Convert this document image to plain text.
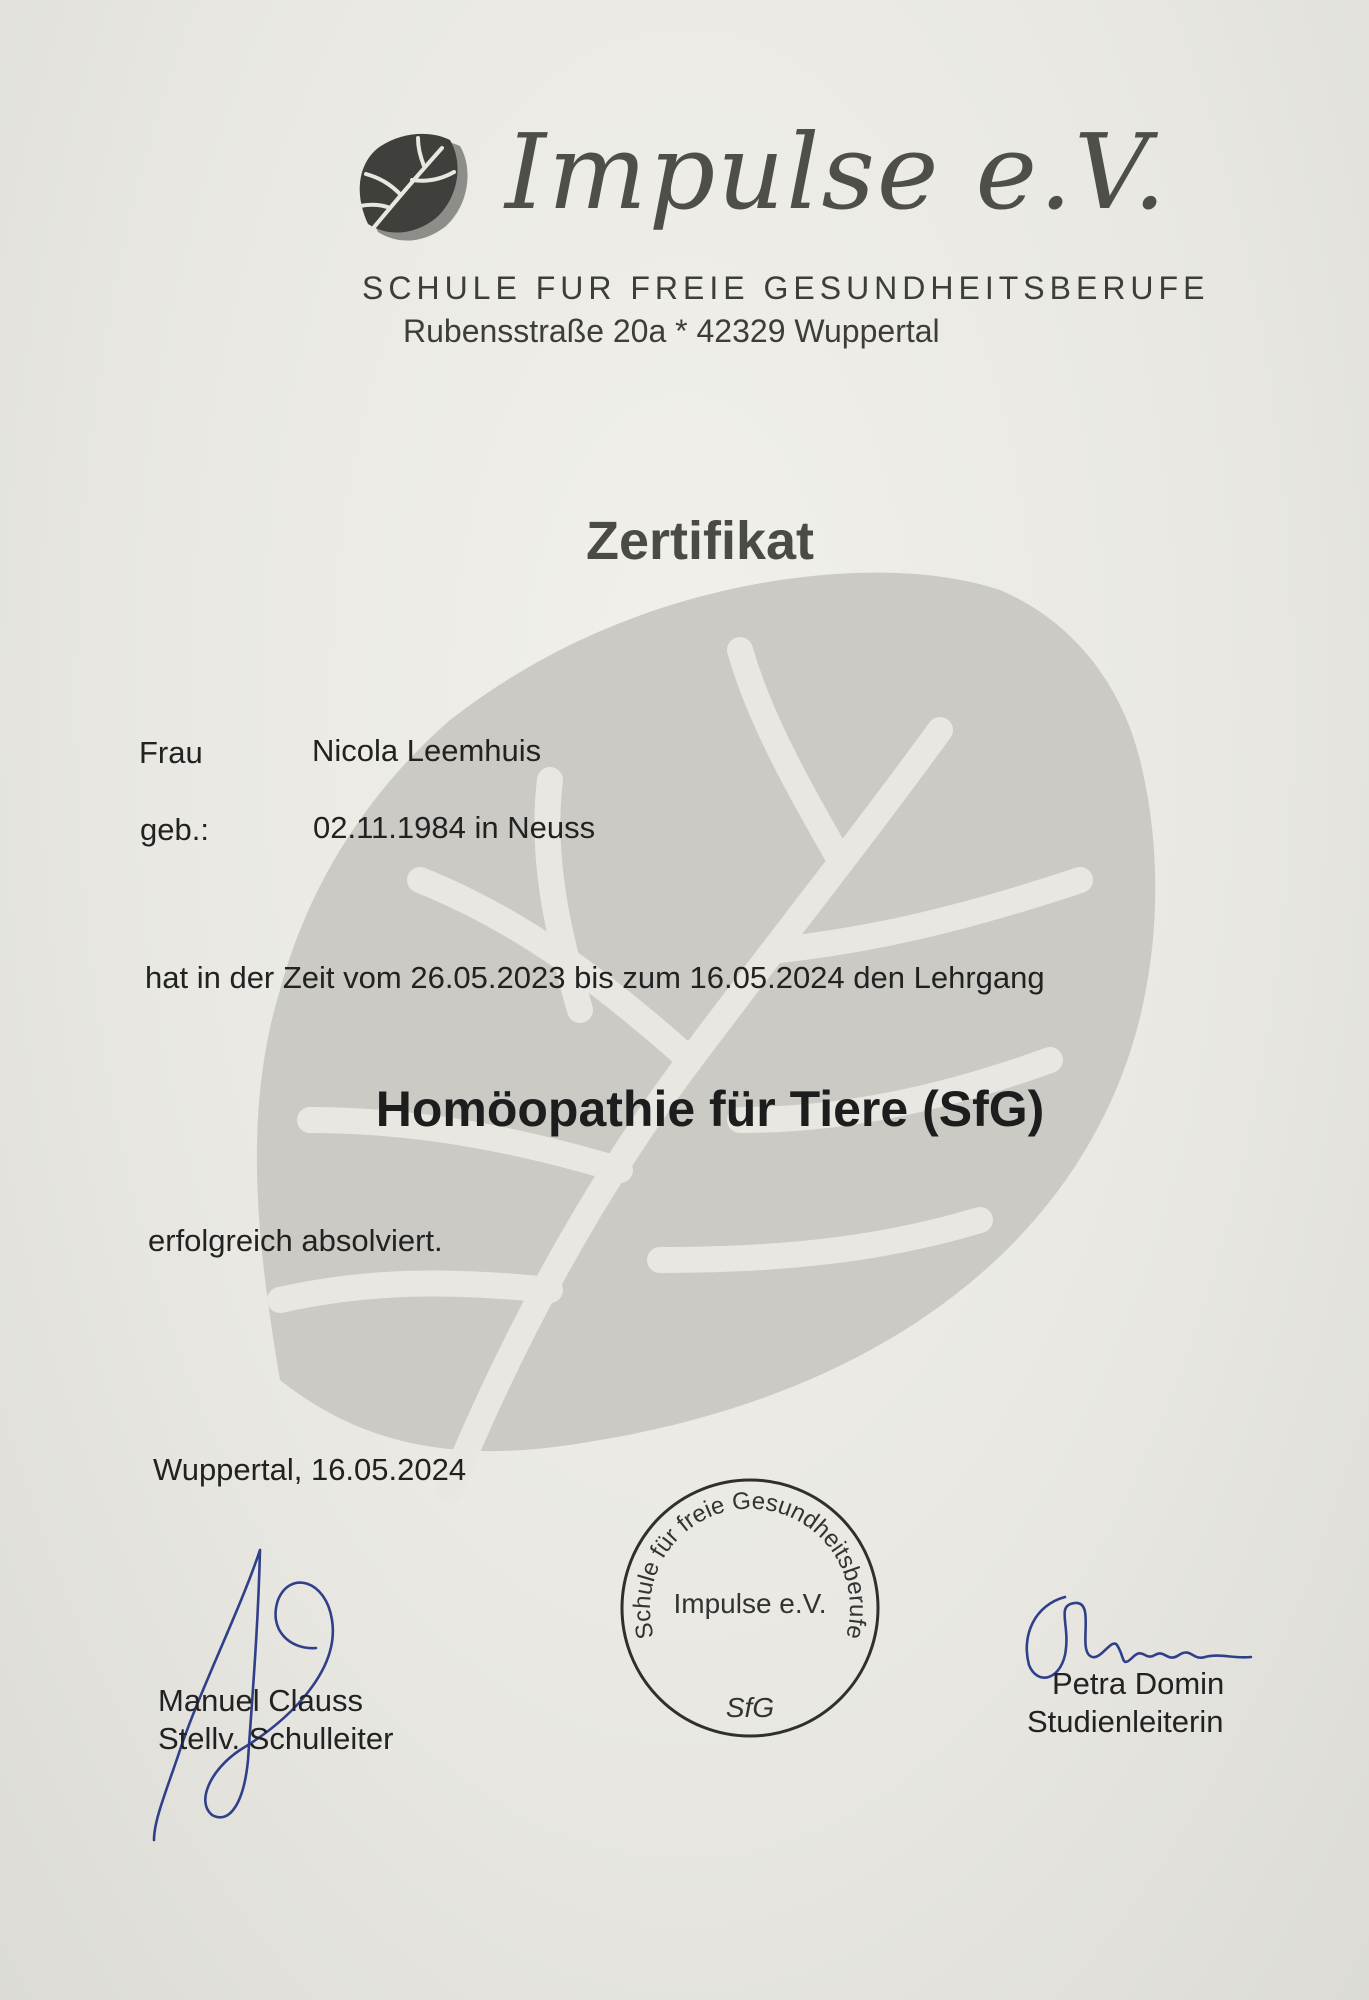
Impulse e.V.
SCHULE FUR FREIE GESUNDHEITSBERUFE
Rubensstraße 20a * 42329 Wuppertal
Zertifikat
Frau	Nicola Leemhuis
geb.:	02.11.1984 in Neuss
hat in der Zeit vom 26.05.2023 bis zum 16.05.2024 den Lehrgang
Homöopathie für Tiere (SfG)
erfolgreich absolviert.
Wuppertal, 16.05.2024
Schule für freie Gesundheitsberufe
Impulse e.V.
SfG
Manuel Clauss
Stellv. Schulleiter
Petra Domin
Studienleiterin
